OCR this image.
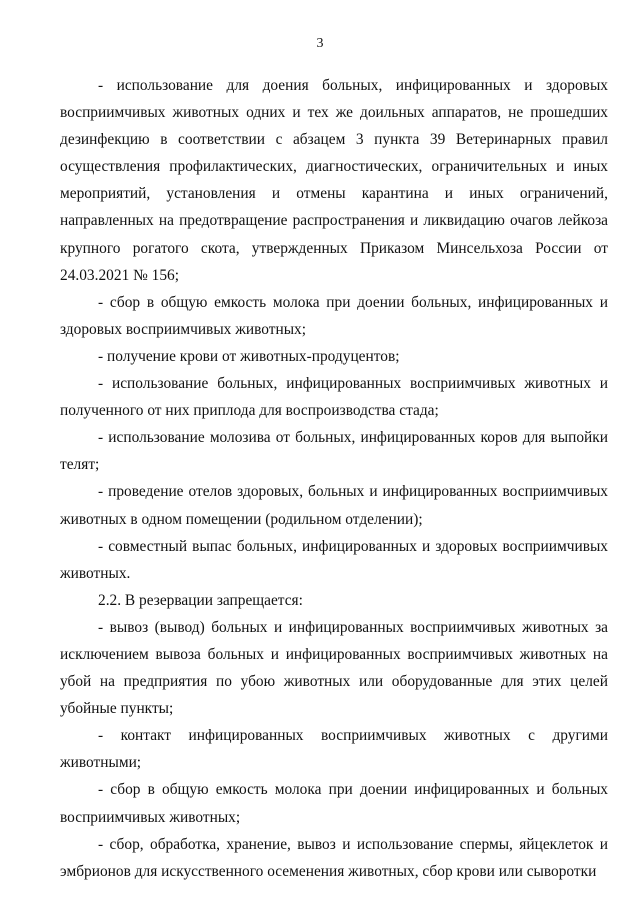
3

- использование для доения больных, инфицированных и здоровых восприимчивых животных одних и тех же доильных аппаратов, не прошедших дезинфекцию в соответствии с абзацем 3 пункта 39 Ветеринарных правил осуществления профилактических, диагностических, ограничительных и иных мероприятий, установления и отмены карантина и иных ограничений, направленных на предотвращение распространения и ликвидацию очагов лейкоза крупного рогатого скота, утвержденных Приказом Минсельхоза России от 24.03.2021 № 156;

- сбор в общую емкость молока при доении больных, инфицированных и здоровых восприимчивых животных;

- получение крови от животных-продуцентов;

- использование больных, инфицированных восприимчивых животных и полученного от них приплода для воспроизводства стада;

- использование молозива от больных, инфицированных коров для выпойки телят;

- проведение отелов здоровых, больных и инфицированных восприимчивых животных в одном помещении (родильном отделении);

- совместный выпас больных, инфицированных и здоровых восприимчивых животных.

2.2. В резервации запрещается:

- вывоз (вывод) больных и инфицированных восприимчивых животных за исключением вывоза больных и инфицированных восприимчивых животных на убой на предприятия по убою животных или оборудованные для этих целей убойные пункты;

- контакт инфицированных восприимчивых животных с другими животными;

- сбор в общую емкость молока при доении инфицированных и больных восприимчивых животных;

- сбор, обработка, хранение, вывоз и использование спермы, яйцеклеток и эмбрионов для искусственного осеменения животных, сбор крови или сыворотки
